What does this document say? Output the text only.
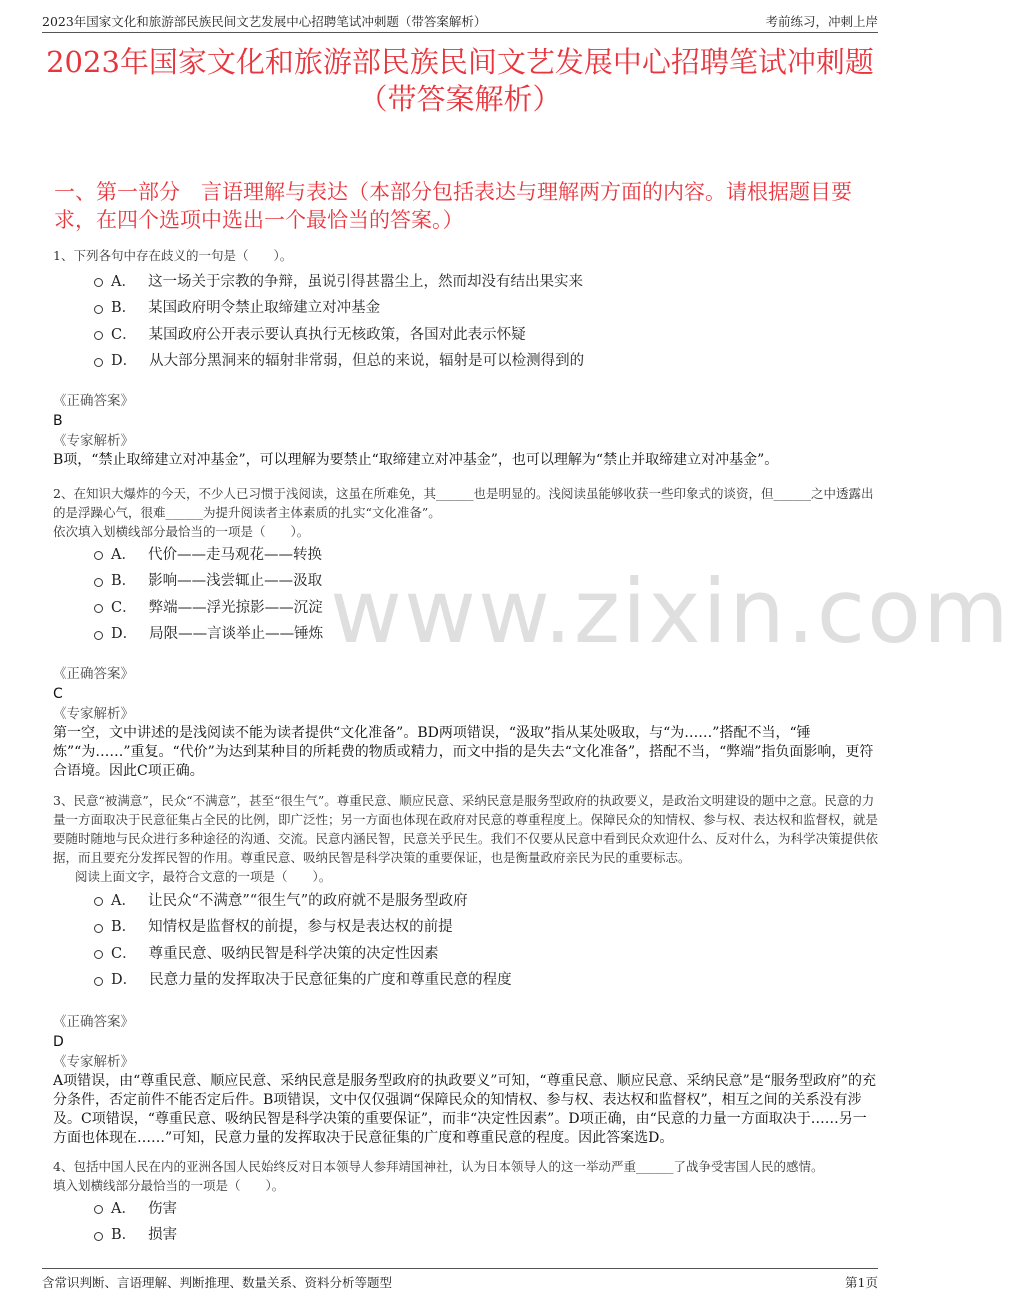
2023年国家文化和旅游部民族民间文艺发展中心招聘笔试冲刺题（带答案解析）	考前练习，冲刺上岸
2023年国家文化和旅游部民族民间文艺发展中心招聘笔试冲刺题（带答案解析）
一、第一部分　言语理解与表达（本部分包括表达与理解两方面的内容。请根据题目要求，在四个选项中选出一个最恰当的答案。）
www.zixin.com
1、下列各句中存在歧义的一句是（　　）。
A． 这一场关于宗教的争辩，虽说引得甚嚣尘上，然而却没有结出果实来
B． 某国政府明令禁止取缔建立对冲基金
C． 某国政府公开表示要认真执行无核政策，各国对此表示怀疑
D． 从大部分黑洞来的辐射非常弱，但总的来说，辐射是可以检测得到的
《正确答案》
B
《专家解析》
B项，“禁止取缔建立对冲基金”，可以理解为要禁止“取缔建立对冲基金”，也可以理解为“禁止并取缔建立对冲基金”。
2、在知识大爆炸的今天，不少人已习惯于浅阅读，这虽在所难免，其______也是明显的。浅阅读虽能够收获一些印象式的谈资，但______之中透露出的是浮躁心气，很难______为提升阅读者主体素质的扎实“文化准备”。
依次填入划横线部分最恰当的一项是（　　）。
A． 代价——走马观花——转换
B． 影响——浅尝辄止——汲取
C． 弊端——浮光掠影——沉淀
D． 局限——言谈举止——锤炼
《正确答案》
C
《专家解析》
第一空，文中讲述的是浅阅读不能为读者提供“文化准备”。BD两项错误，“汲取”指从某处吸取，与“为……”搭配不当，“锤炼”“为……”重复。“代价”为达到某种目的所耗费的物质或精力，而文中指的是失去“文化准备”，搭配不当，“弊端”指负面影响，更符合语境。因此C项正确。
3、民意“被满意”，民众“不满意”，甚至“很生气”。尊重民意、顺应民意、采纳民意是服务型政府的执政要义，是政治文明建设的题中之意。民意的力量一方面取决于民意征集占全民的比例，即广泛性；另一方面也体现在政府对民意的尊重程度上。保障民众的知情权、参与权、表达权和监督权，就是要随时随地与民众进行多种途径的沟通、交流。民意内涵民智，民意关乎民生。我们不仅要从民意中看到民众欢迎什么、反对什么，为科学决策提供依据，而且要充分发挥民智的作用。尊重民意、吸纳民智是科学决策的重要保证，也是衡量政府亲民为民的重要标志。
阅读上面文字，最符合文意的一项是（　　）。
A． 让民众“不满意”“很生气”的政府就不是服务型政府
B． 知情权是监督权的前提，参与权是表达权的前提
C． 尊重民意、吸纳民智是科学决策的决定性因素
D． 民意力量的发挥取决于民意征集的广度和尊重民意的程度
《正确答案》
D
《专家解析》
A项错误，由“尊重民意、顺应民意、采纳民意是服务型政府的执政要义”可知，“尊重民意、顺应民意、采纳民意”是“服务型政府”的充分条件，否定前件不能否定后件。B项错误，文中仅仅强调“保障民众的知情权、参与权、表达权和监督权”，相互之间的关系没有涉及。C项错误，“尊重民意、吸纳民智是科学决策的重要保证”，而非“决定性因素”。D项正确，由“民意的力量一方面取决于……另一方面也体现在……”可知，民意力量的发挥取决于民意征集的广度和尊重民意的程度。因此答案选D。
4、包括中国人民在内的亚洲各国人民始终反对日本领导人参拜靖国神社，认为日本领导人的这一举动严重______了战争受害国人民的感情。
填入划横线部分最恰当的一项是（　　）。
A． 伤害
B． 损害
含常识判断、言语理解、判断推理、数量关系、资料分析等题型	第1页
